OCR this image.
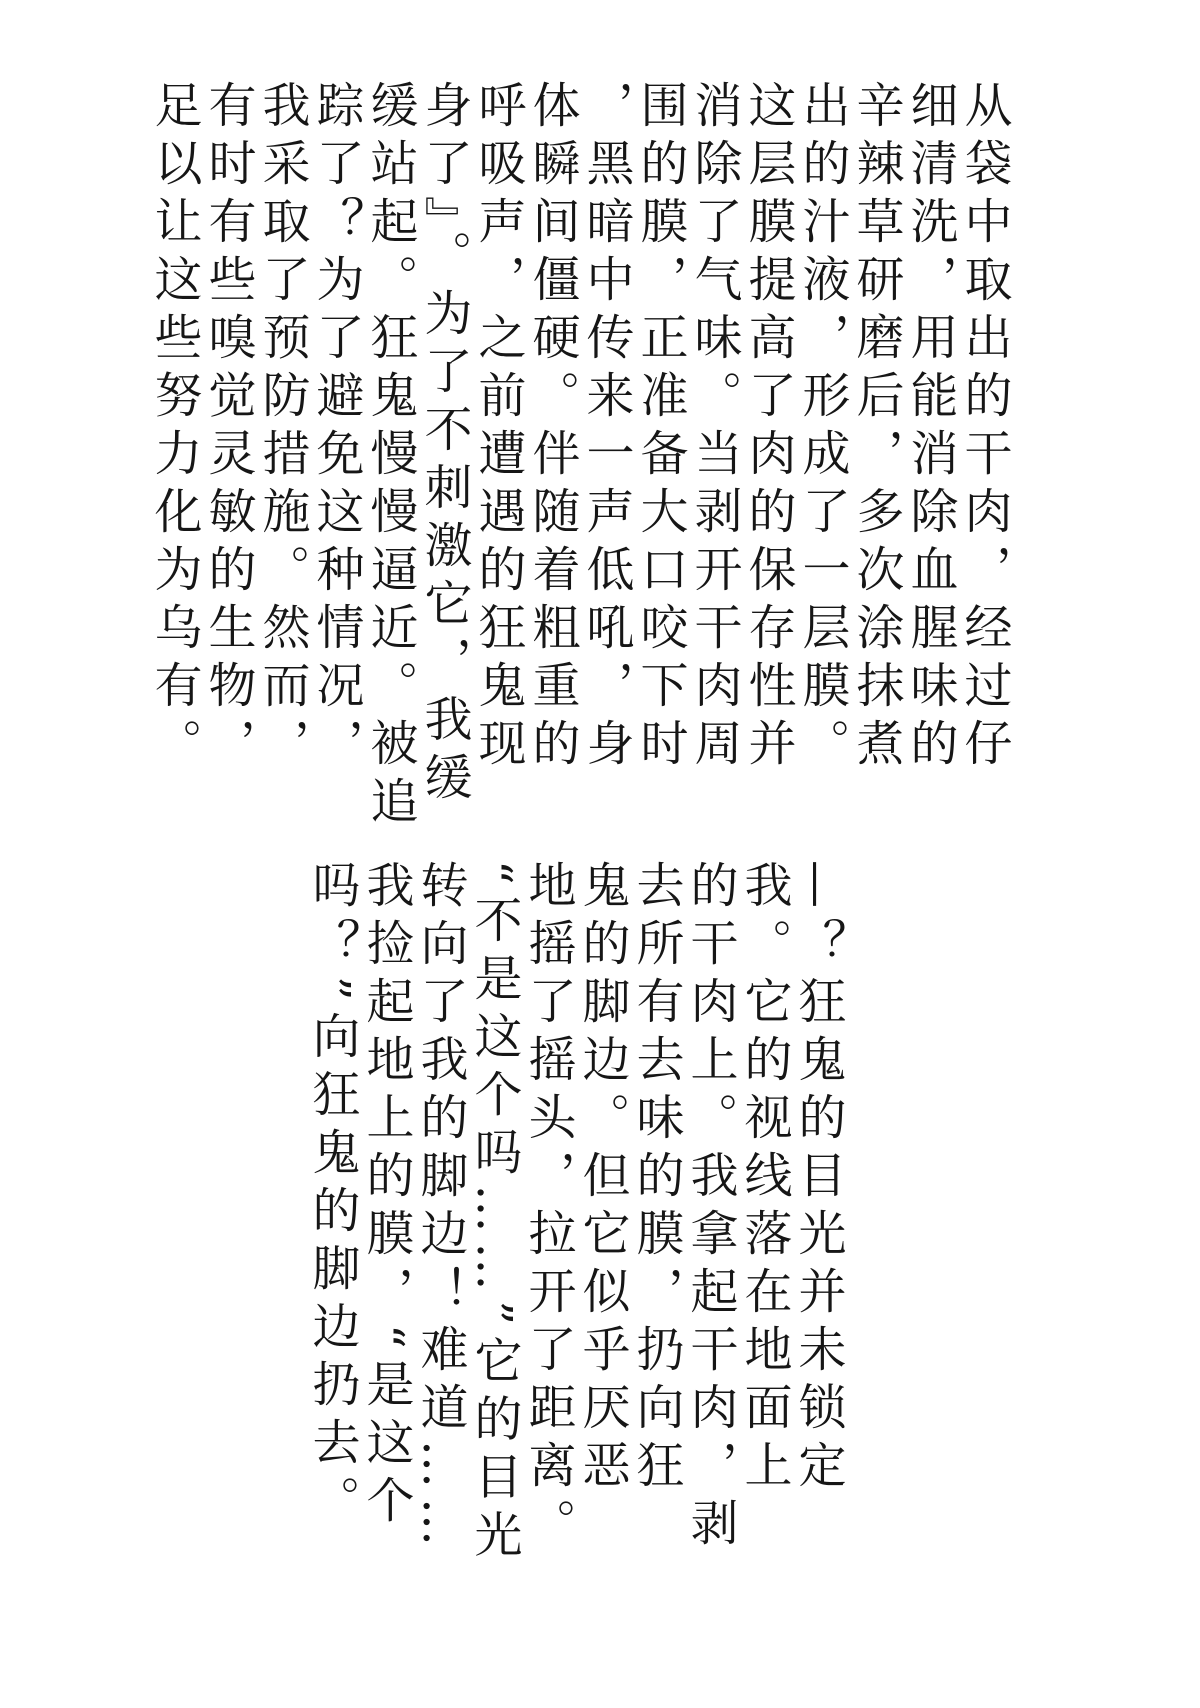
从袋中取出的干肉，经过仔
细清洗，用能消除血腥味的
辛辣草研磨后，多次涂抹煮
出的汁液，形成了一层膜。
这层膜提高了肉的保存性并
消除了气味。当剥开干肉周
围的膜，正准备大口咬下时
，黑暗中传来一声低吼，身
体瞬间僵硬。伴随着粗重的
呼吸声，之前遭遇的狂鬼现
身了』。为了不刺激它，我缓
缓站起。狂鬼慢慢逼近。被追
踪了？为了避免这种情况，
我采取了预防措施。然而，
有时有些嗅觉灵敏的生物，
足以让这些努力化为乌有。
—？狂鬼的目光并未锁定
我。它的视线落在地面上
的干肉上。我拿起干肉，剥
去所有去味的膜，扔向狂
鬼的脚边。但它似乎厌恶
地摇了摇头，拉开了距离。
“不是这个吗……”它的目光
转向了我的脚边！难道……
我捡起地上的膜，“是这个
吗？”向狂鬼的脚边扔去。
